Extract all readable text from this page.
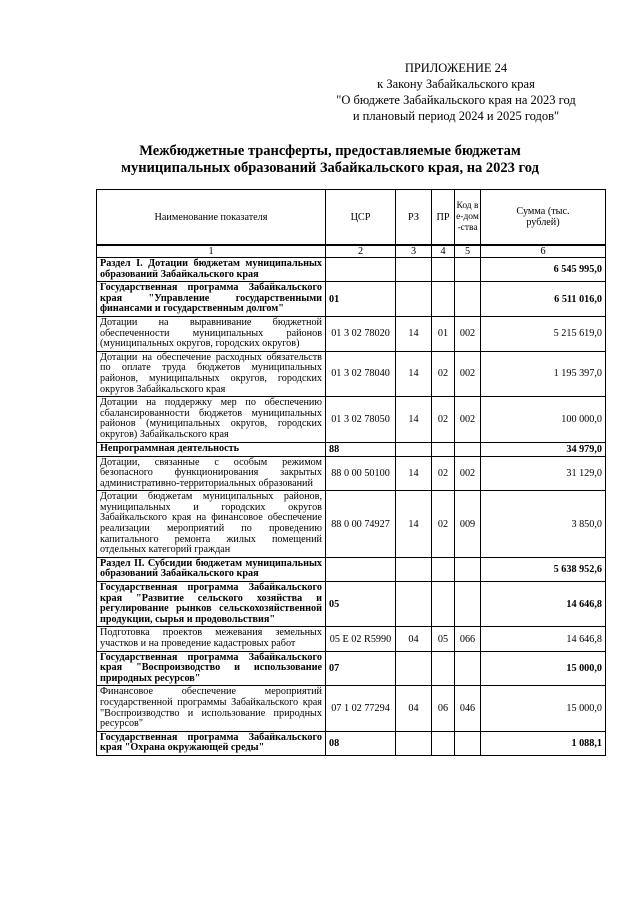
ПРИЛОЖЕНИЕ 24
к Закону Забайкальского края
"О бюджете Забайкальского края на 2023 год
и плановый период 2024 и 2025 годов"
Межбюджетные трансферты, предоставляемые бюджетам
муниципальных образований Забайкальского края, на 2023 год
Наименование показателя	ЦСР	РЗ	ПР	Код ве-дом-ства	Сумма (тыс. рублей)
1	2	3	4	5	6
Раздел I. Дотации бюджетам муниципальных образований Забайкальского края					6 545 995,0
Государственная программа Забайкальского края "Управление государственными финансами и государственным долгом"	01				6 511 016,0
Дотации на выравнивание бюджетной обеспеченности муниципальных районов (муниципальных округов, городских округов)	01 3 02 78020	14	01	002	5 215 619,0
Дотации на обеспечение расходных обязательств по оплате труда бюджетов муниципальных районов, муниципальных округов, городских округов Забайкальского края	01 3 02 78040	14	02	002	1 195 397,0
Дотации на поддержку мер по обеспечению сбалансированности бюджетов муниципальных районов (муниципальных округов, городских округов) Забайкальского края	01 3 02 78050	14	02	002	100 000,0
Непрограммная деятельность	88				34 979,0
Дотации, связанные с особым режимом безопасного функционирования закрытых административно-территориальных образований	88 0 00 50100	14	02	002	31 129,0
Дотации бюджетам муниципальных районов, муниципальных и городских округов Забайкальского края на финансовое обеспечение реализации мероприятий по проведению капитального ремонта жилых помещений отдельных категорий граждан	88 0 00 74927	14	02	009	3 850,0
Раздел II. Субсидии бюджетам муниципальных образований Забайкальского края					5 638 952,6
Государственная программа Забайкальского края "Развитие сельского хозяйства и регулирование рынков сельскохозяйственной продукции, сырья и продовольствия"	05				14 646,8
Подготовка проектов межевания земельных участков и на проведение кадастровых работ	05 Е 02 R5990	04	05	066	14 646,8
Государственная программа Забайкальского края "Воспроизводство и использование природных ресурсов"	07				15 000,0
Финансовое обеспечение мероприятий государственной программы Забайкальского края "Воспроизводство и использование природных ресурсов"	07 1 02 77294	04	06	046	15 000,0
Государственная программа Забайкальского края "Охрана окружающей среды"	08				1 088,1
